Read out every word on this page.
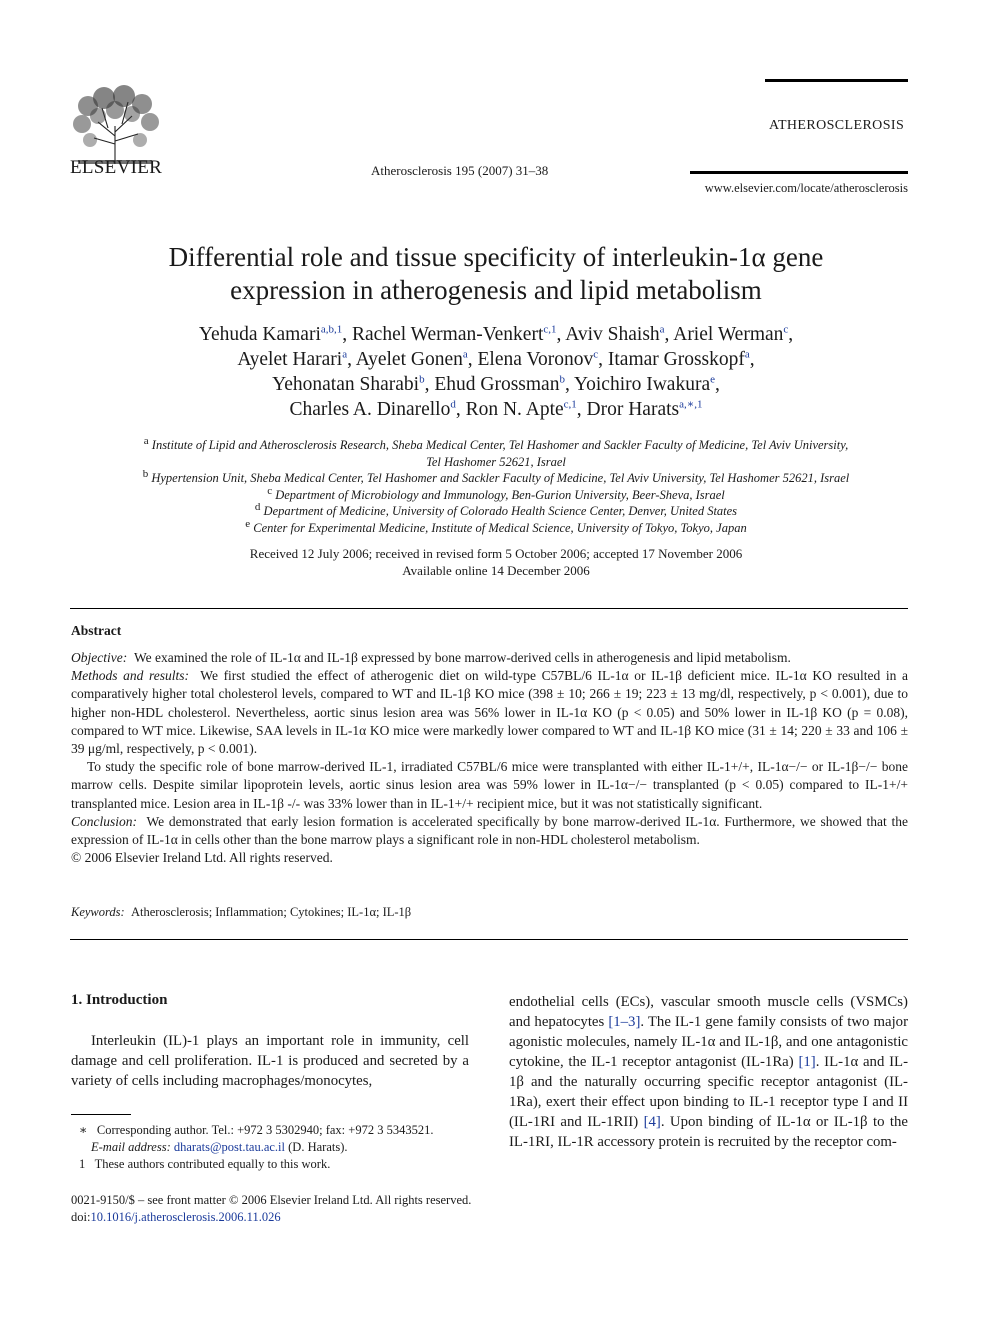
ELSEVIER	Atherosclerosis 195 (2007) 31–38
ATHEROSCLEROSIS
www.elsevier.com/locate/atherosclerosis
Differential role and tissue specificity of interleukin-1α gene
expression in atherogenesis and lipid metabolism
Yehuda Kamari$^{a,b,1}$, Rachel Werman-Venkert$^{c,1}$, Aviv Shaish$^a$, Ariel Werman$^c$,
Ayelet Harari$^a$, Ayelet Gonen$^a$, Elena Voronov$^c$, Itamar Grosskopf$^a$,
Yehonatan Sharabi$^b$, Ehud Grossman$^b$, Yoichiro Iwakura$^e$,
Charles A. Dinarello$^d$, Ron N. Apte$^{c,1}$, Dror Harats$^{a,∗,1}$
a Institute of Lipid and Atherosclerosis Research, Sheba Medical Center, Tel Hashomer and Sackler Faculty of Medicine, Tel Aviv University,
Tel Hashomer 52621, Israel
b Hypertension Unit, Sheba Medical Center, Tel Hashomer and Sackler Faculty of Medicine, Tel Aviv University, Tel Hashomer 52621, Israel
c Department of Microbiology and Immunology, Ben-Gurion University, Beer-Sheva, Israel
d Department of Medicine, University of Colorado Health Science Center, Denver, United States
e Center for Experimental Medicine, Institute of Medical Science, University of Tokyo, Tokyo, Japan
Received 12 July 2006; received in revised form 5 October 2006; accepted 17 November 2006
Available online 14 December 2006
Abstract

Objective: We examined the role of IL-1α and IL-1β expressed by bone marrow-derived cells in atherogenesis and lipid metabolism.

Methods and results: We first studied the effect of atherogenic diet on wild-type C57BL/6 IL-1α or IL-1β deficient mice. IL-1α KO resulted in a comparatively higher total cholesterol levels, compared to WT and IL-1β KO mice (398 ± 10; 266 ± 19; 223 ± 13 mg/dl, respectively, p < 0.001), due to higher non-HDL cholesterol. Nevertheless, aortic sinus lesion area was 56% lower in IL-1α KO (p < 0.05) and 50% lower in IL-1β KO (p = 0.08), compared to WT mice. Likewise, SAA levels in IL-1α KO mice were markedly lower compared to WT and IL-1β KO mice (31 ± 14; 220 ± 33 and 106 ± 39 μg/ml, respectively, p < 0.001).

To study the specific role of bone marrow-derived IL-1, irradiated C57BL/6 mice were transplanted with either IL-1+/+, IL-1α−/− or IL-1β−/− bone marrow cells. Despite similar lipoprotein levels, aortic sinus lesion area was 59% lower in IL-1α−/− transplanted (p < 0.05) compared to IL-1+/+ transplanted mice. Lesion area in IL-1β -/- was 33% lower than in IL-1+/+ recipient mice, but it was not statistically significant.

Conclusion: We demonstrated that early lesion formation is accelerated specifically by bone marrow-derived IL-1α. Furthermore, we showed that the expression of IL-1α in cells other than the bone marrow plays a significant role in non-HDL cholesterol metabolism.

© 2006 Elsevier Ireland Ltd. All rights reserved.

Keywords: Atherosclerosis; Inflammation; Cytokines; IL-1α; IL-1β
1. Introduction
Interleukin (IL)-1 plays an important role in immunity, cell damage and cell proliferation. IL-1 is produced and secreted by a variety of cells including macrophages/monocytes,
endothelial cells (ECs), vascular smooth muscle cells (VSMCs) and hepatocytes [1–3]. The IL-1 gene family consists of two major agonistic molecules, namely IL-1α and IL-1β, and one antagonistic cytokine, the IL-1 receptor antagonist (IL-1Ra) [1]. IL-1α and IL-1β and the naturally occurring specific receptor antagonist (IL-1Ra), exert their effect upon binding to IL-1 receptor type I and II (IL-1RI and IL-1RII) [4]. Upon binding of IL-1α or IL-1β to the IL-1RI, IL-1R accessory protein is recruited by the receptor com-
∗ Corresponding author. Tel.: +972 3 5302940; fax: +972 3 5343521.
E-mail address: dharats@post.tau.ac.il (D. Harats).
1 These authors contributed equally to this work.
0021-9150/$ – see front matter © 2006 Elsevier Ireland Ltd. All rights reserved.
doi:10.1016/j.atherosclerosis.2006.11.026
